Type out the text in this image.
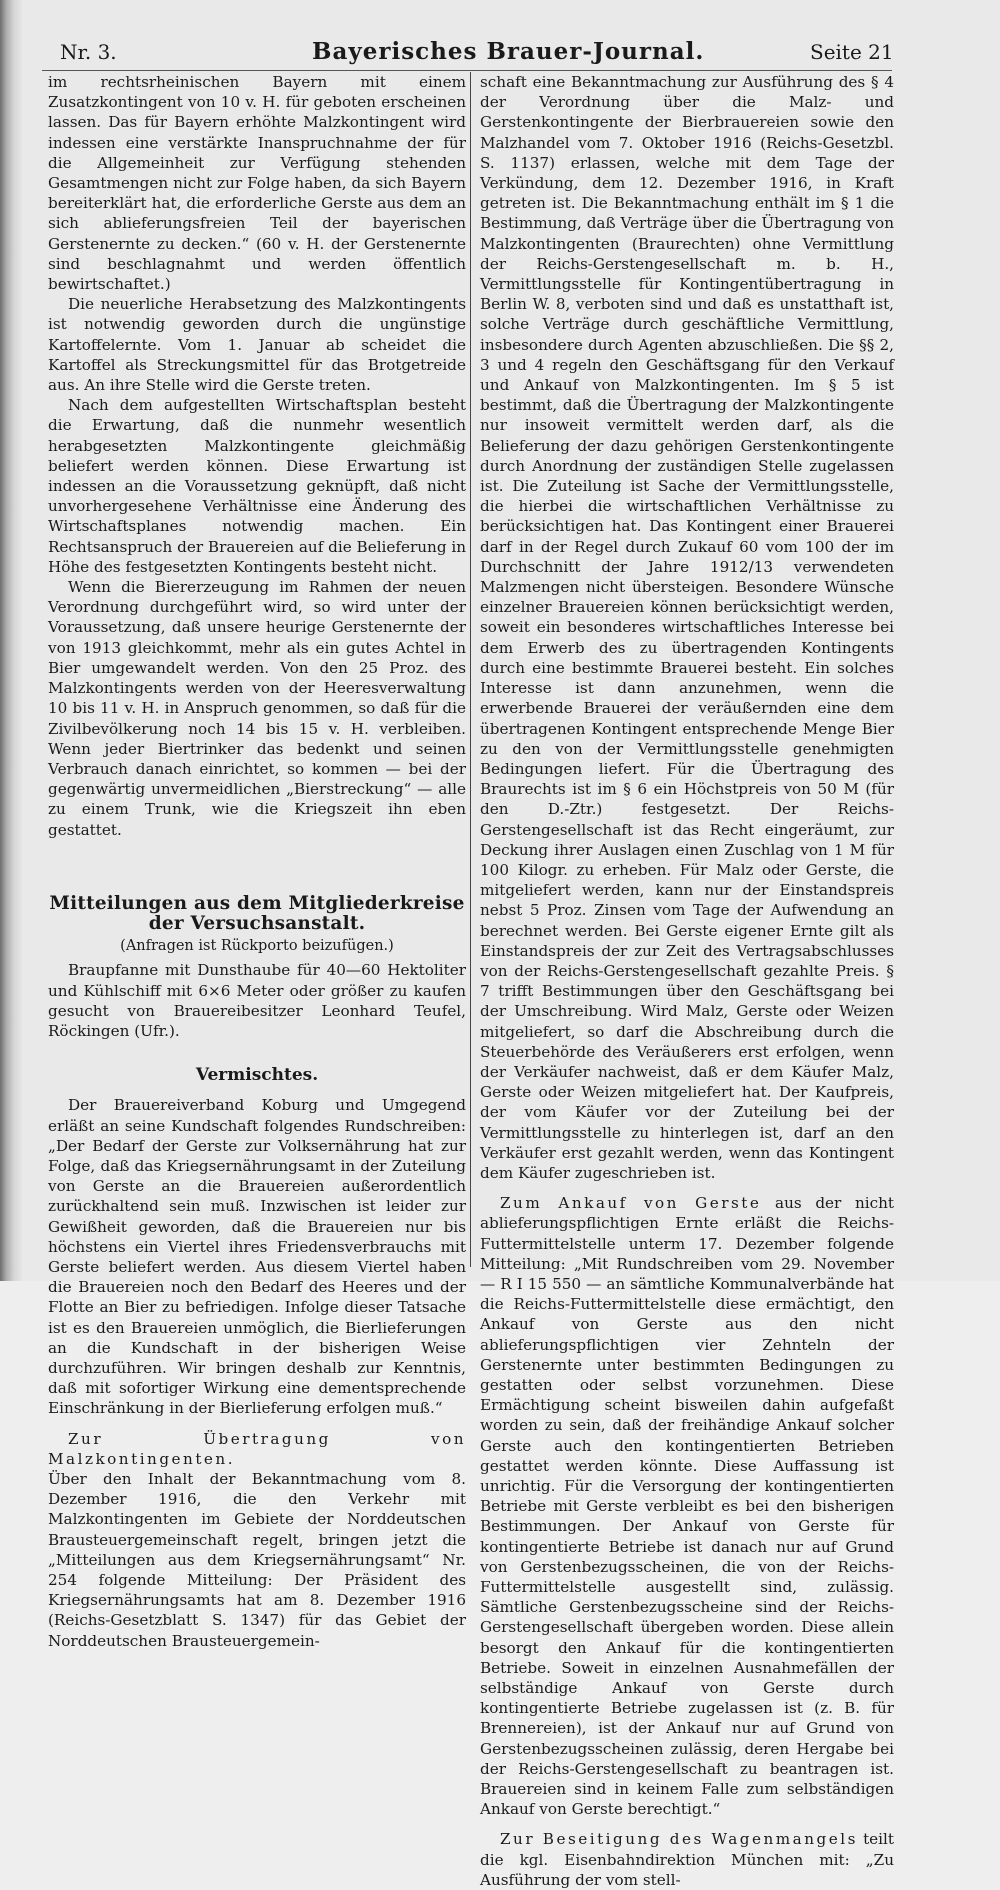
Nr. 3.	Bayerisches Brauer-Journal.	Seite 21

im rechtsrheinischen Bayern mit einem Zusatzkontingent von 10 v. H. für geboten erscheinen lassen. Das für Bayern erhöhte Malzkontingent wird indessen eine verstärkte Inanspruchnahme der für die Allgemeinheit zur Verfügung stehenden Gesamtmengen nicht zur Folge haben, da sich Bayern bereiterklärt hat, die erforderliche Gerste aus dem an sich ablieferungsfreien Teil der bayerischen Gerstenernte zu decken.“ (60 v. H. der Gerstenernte sind beschlagnahmt und werden öffentlich bewirtschaftet.)

Die neuerliche Herabsetzung des Malzkontingents ist notwendig geworden durch die ungünstige Kartoffelernte. Vom 1. Januar ab scheidet die Kartoffel als Streckungsmittel für das Brotgetreide aus. An ihre Stelle wird die Gerste treten.

Nach dem aufgestellten Wirtschaftsplan besteht die Erwartung, daß die nunmehr wesentlich herabgesetzten Malzkontingente gleichmäßig beliefert werden können. Diese Erwartung ist indessen an die Voraussetzung geknüpft, daß nicht unvorhergesehene Verhältnisse eine Änderung des Wirtschaftsplanes notwendig machen. Ein Rechtsanspruch der Brauereien auf die Belieferung in Höhe des festgesetzten Kontingents besteht nicht.

Wenn die Biererzeugung im Rahmen der neuen Verordnung durchgeführt wird, so wird unter der Voraussetzung, daß unsere heurige Gerstenernte der von 1913 gleichkommt, mehr als ein gutes Achtel in Bier umgewandelt werden. Von den 25 Proz. des Malzkontingents werden von der Heeresverwaltung 10 bis 11 v. H. in Anspruch genommen, so daß für die Zivilbevölkerung noch 14 bis 15 v. H. verbleiben. Wenn jeder Biertrinker das bedenkt und seinen Verbrauch danach einrichtet, so kommen — bei der gegenwärtig unvermeidlichen „Bierstreckung“ — alle zu einem Trunk, wie die Kriegszeit ihn eben gestattet.

Mitteilungen aus dem Mitgliederkreise der Versuchsanstalt.
(Anfragen ist Rückporto beizufügen.)

Braupfanne mit Dunsthaube für 40—60 Hektoliter und Kühlschiff mit 6×6 Meter oder größer zu kaufen gesucht von Brauereibesitzer Leonhard Teufel, Röckingen (Ufr.).

Vermischtes.

Der Brauereiverband Koburg und Umgegend erläßt an seine Kundschaft folgendes Rundschreiben: „Der Bedarf der Gerste zur Volksernährung hat zur Folge, daß das Kriegsernährungsamt in der Zuteilung von Gerste an die Brauereien außerordentlich zurückhaltend sein muß. Inzwischen ist leider zur Gewißheit geworden, daß die Brauereien nur bis höchstens ein Viertel ihres Friedensverbrauchs mit Gerste beliefert werden. Aus diesem Viertel haben die Brauereien noch den Bedarf des Heeres und der Flotte an Bier zu befriedigen. Infolge dieser Tatsache ist es den Brauereien unmöglich, die Bierlieferungen an die Kundschaft in der bisherigen Weise durchzuführen. Wir bringen deshalb zur Kenntnis, daß mit sofortiger Wirkung eine dementsprechende Einschränkung in der Bierlieferung erfolgen muß.“

Zur Übertragung von Malzkontingenten.

Über den Inhalt der Bekanntmachung vom 8. Dezember 1916, die den Verkehr mit Malzkontingenten im Gebiete der Norddeutschen Brausteuergemeinschaft regelt, bringen jetzt die „Mitteilungen aus dem Kriegsernährungsamt“ Nr. 254 folgende Mitteilung: Der Präsident des Kriegsernährungsamts hat am 8. Dezember 1916 (Reichs-Gesetzblatt S. 1347) für das Gebiet der Norddeutschen Brausteuergemein-

schaft eine Bekanntmachung zur Ausführung des § 4 der Verordnung über die Malz- und Gerstenkontingente der Bierbrauereien sowie den Malzhandel vom 7. Oktober 1916 (Reichs-Gesetzbl. S. 1137) erlassen, welche mit dem Tage der Verkündung, dem 12. Dezember 1916, in Kraft getreten ist. Die Bekanntmachung enthält im § 1 die Bestimmung, daß Verträge über die Übertragung von Malzkontingenten (Braurechten) ohne Vermittlung der Reichs-Gerstengesellschaft m. b. H., Vermittlungsstelle für Kontingentübertragung in Berlin W. 8, verboten sind und daß es unstatthaft ist, solche Verträge durch geschäftliche Vermittlung, insbesondere durch Agenten abzuschließen. Die §§ 2, 3 und 4 regeln den Geschäftsgang für den Verkauf und Ankauf von Malzkontingenten. Im § 5 ist bestimmt, daß die Übertragung der Malzkontingente nur insoweit vermittelt werden darf, als die Belieferung der dazu gehörigen Gerstenkontingente durch Anordnung der zuständigen Stelle zugelassen ist. Die Zuteilung ist Sache der Vermittlungsstelle, die hierbei die wirtschaftlichen Verhältnisse zu berücksichtigen hat. Das Kontingent einer Brauerei darf in der Regel durch Zukauf 60 vom 100 der im Durchschnitt der Jahre 1912/13 verwendeten Malzmengen nicht übersteigen. Besondere Wünsche einzelner Brauereien können berücksichtigt werden, soweit ein besonderes wirtschaftliches Interesse bei dem Erwerb des zu übertragenden Kontingents durch eine bestimmte Brauerei besteht. Ein solches Interesse ist dann anzunehmen, wenn die erwerbende Brauerei der veräußernden eine dem übertragenen Kontingent entsprechende Menge Bier zu den von der Vermittlungsstelle genehmigten Bedingungen liefert. Für die Übertragung des Braurechts ist im § 6 ein Höchstpreis von 50 M (für den D.-Ztr.) festgesetzt. Der Reichs-Gerstengesellschaft ist das Recht eingeräumt, zur Deckung ihrer Auslagen einen Zuschlag von 1 M für 100 Kilogr. zu erheben. Für Malz oder Gerste, die mitgeliefert werden, kann nur der Einstandspreis nebst 5 Proz. Zinsen vom Tage der Aufwendung an berechnet werden. Bei Gerste eigener Ernte gilt als Einstandspreis der zur Zeit des Vertragsabschlusses von der Reichs-Gerstengesellschaft gezahlte Preis. § 7 trifft Bestimmungen über den Geschäftsgang bei der Umschreibung. Wird Malz, Gerste oder Weizen mitgeliefert, so darf die Abschreibung durch die Steuerbehörde des Veräußerers erst erfolgen, wenn der Verkäufer nachweist, daß er dem Käufer Malz, Gerste oder Weizen mitgeliefert hat. Der Kaufpreis, der vom Käufer vor der Zuteilung bei der Vermittlungsstelle zu hinterlegen ist, darf an den Verkäufer erst gezahlt werden, wenn das Kontingent dem Käufer zugeschrieben ist.

Zum Ankauf von Gerste aus der nicht ablieferungspflichtigen Ernte erläßt die Reichs-Futtermittelstelle unterm 17. Dezember folgende Mitteilung: „Mit Rundschreiben vom 29. November — R I 15 550 — an sämtliche Kommunalverbände hat die Reichs-Futtermittelstelle diese ermächtigt, den Ankauf von Gerste aus den nicht ablieferungspflichtigen vier Zehnteln der Gerstenernte unter bestimmten Bedingungen zu gestatten oder selbst vorzunehmen. Diese Ermächtigung scheint bisweilen dahin aufgefaßt worden zu sein, daß der freihändige Ankauf solcher Gerste auch den kontingentierten Betrieben gestattet werden könnte. Diese Auffassung ist unrichtig. Für die Versorgung der kontingentierten Betriebe mit Gerste verbleibt es bei den bisherigen Bestimmungen. Der Ankauf von Gerste für kontingentierte Betriebe ist danach nur auf Grund von Gerstenbezugsscheinen, die von der Reichs-Futtermittelstelle ausgestellt sind, zulässig. Sämtliche Gerstenbezugsscheine sind der Reichs-Gerstengesellschaft übergeben worden. Diese allein besorgt den Ankauf für die kontingentierten Betriebe. Soweit in einzelnen Ausnahmefällen der selbständige Ankauf von Gerste durch kontingentierte Betriebe zugelassen ist (z. B. für Brennereien), ist der Ankauf nur auf Grund von Gerstenbezugsscheinen zulässig, deren Hergabe bei der Reichs-Gerstengesellschaft zu beantragen ist. Brauereien sind in keinem Falle zum selbständigen Ankauf von Gerste berechtigt.“

Zur Beseitigung des Wagenmangels teilt die kgl. Eisenbahndirektion München mit: „Zu Ausführung der vom stell-
